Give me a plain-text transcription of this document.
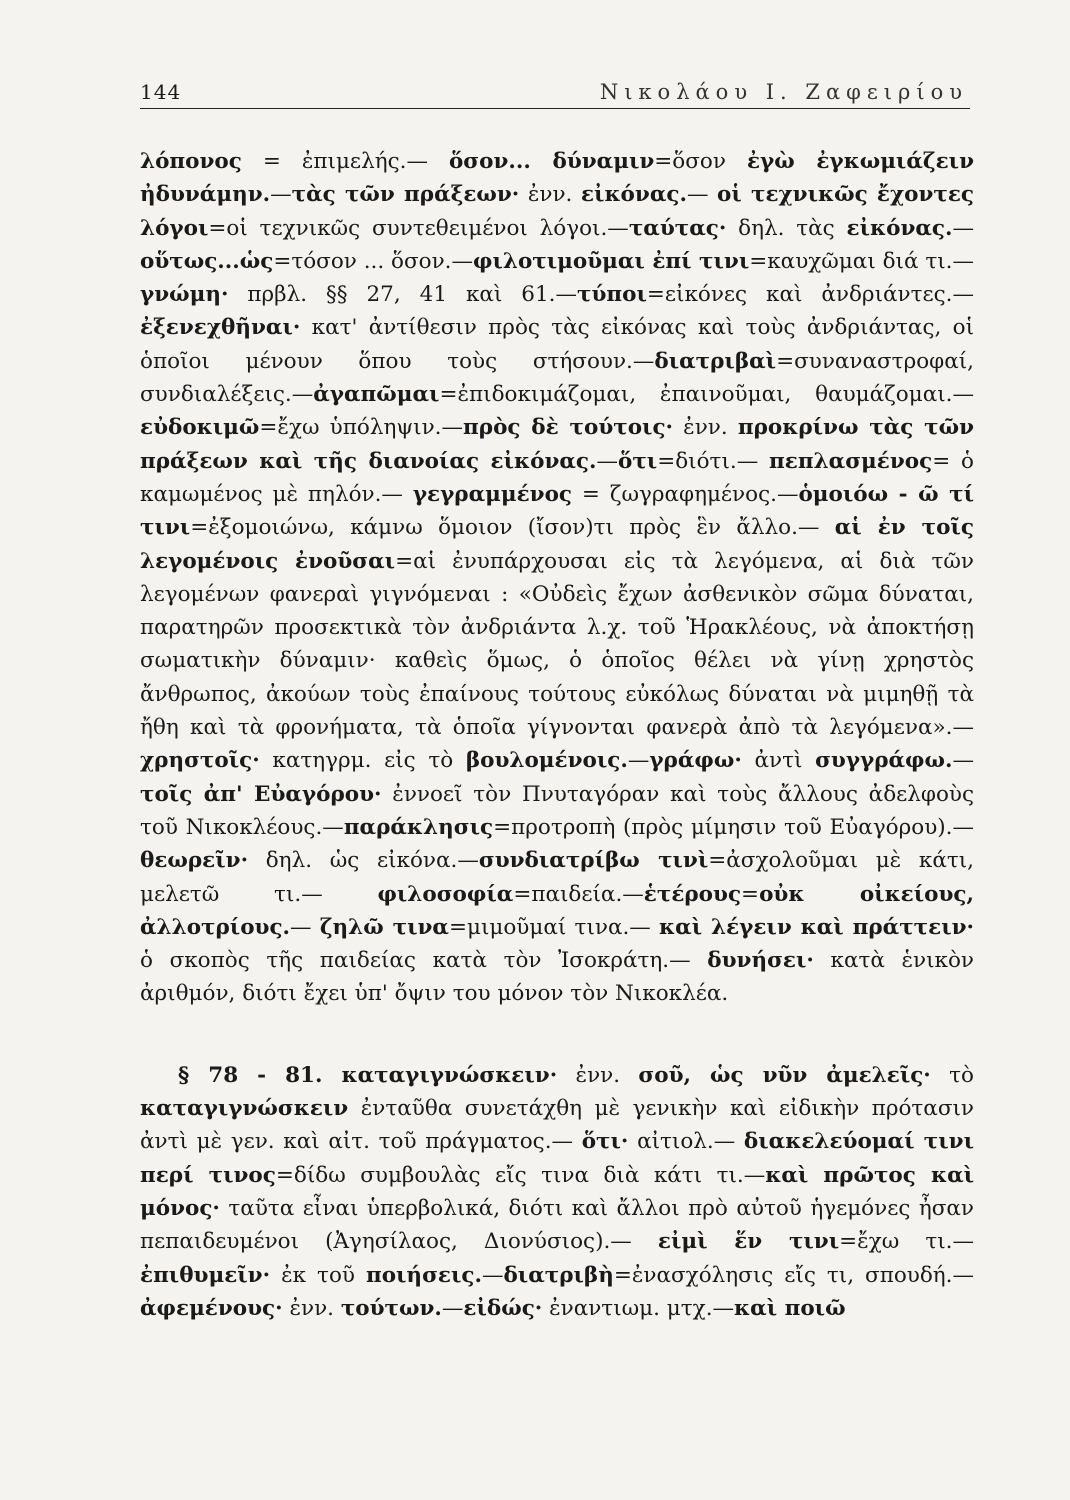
144	Νικολάου Ι. Ζαφειρίου

λόπονος = ἐπιμελής.— ὅσον... δύναμιν=ὅσον ἐγὼ ἐγκωμιάζειν ἠδυνάμην.—τὰς τῶν πράξεων· ἐνν. εἰκόνας.— οἱ τεχνικῶς ἔχοντες λόγοι=οἱ τεχνικῶς συντεθειμένοι λόγοι.—ταύτας· δηλ. τὰς εἰκόνας.—οὕτως...ὡς=τόσον ... ὅσον.—φιλοτιμοῦμαι ἐπί τινι=καυχῶμαι διά τι.—γνώμη· πρβλ. §§ 27, 41 καὶ 61.—τύποι=εἰκόνες καὶ ἀνδριάντες.— ἐξενεχθῆναι· κατ' ἀντίθεσιν πρὸς τὰς εἰκόνας καὶ τοὺς ἀνδριάντας, οἱ ὁποῖοι μένουν ὅπου τοὺς στήσουν.—διατριβαὶ=συναναστροφαί, συνδιαλέξεις.—ἀγαπῶμαι=ἐπιδοκιμάζομαι, ἐπαινοῦμαι, θαυμάζομαι.—εὐδοκιμῶ=ἔχω ὑπόληψιν.—πρὸς δὲ τούτοις· ἐνν. προκρίνω τὰς τῶν πράξεων καὶ τῆς διανοίας εἰκόνας.—ὅτι=διότι.— πεπλασμένος= ὁ καμωμένος μὲ πηλόν.— γεγραμμένος = ζωγραφημένος.—ὁμοιόω - ῶ τί τινι=ἐξομοιώνω, κάμνω ὅμοιον (ἴσον)τι πρὸς ἓν ἄλλο.— αἱ ἐν τοῖς λεγομένοις ἐνοῦσαι=αἱ ἐνυπάρχουσαι εἰς τὰ λεγόμενα, αἱ διὰ τῶν λεγομένων φανεραὶ γιγνόμεναι : «Οὐδεὶς ἔχων ἀσθενικὸν σῶμα δύναται, παρατηρῶν προσεκτικὰ τὸν ἀνδριάντα λ.χ. τοῦ Ἡρακλέους, νὰ ἀποκτήσῃ σωματικὴν δύναμιν· καθεὶς ὅμως, ὁ ὁποῖος θέλει νὰ γίνῃ χρηστὸς ἄνθρωπος, ἀκούων τοὺς ἐπαίνους τούτους εὐκόλως δύναται νὰ μιμηθῇ τὰ ἤθη καὶ τὰ φρονήματα, τὰ ὁποῖα γίγνονται φανερὰ ἀπὸ τὰ λεγόμενα».—χρηστοῖς· κατηγρμ. εἰς τὸ βουλομένοις.—γράφω· ἀντὶ συγγράφω.— τοῖς ἀπ' Εὐαγόρου· ἐννοεῖ τὸν Πνυταγόραν καὶ τοὺς ἄλλους ἀδελφοὺς τοῦ Νικοκλέους.—παράκλησις=προτροπὴ (πρὸς μίμησιν τοῦ Εὐαγόρου).—θεωρεῖν· δηλ. ὡς εἰκόνα.—συνδιατρίβω τινὶ=ἀσχολοῦμαι μὲ κάτι, μελετῶ τι.— φιλοσοφία=παιδεία.—ἑτέρους=οὐκ οἰκείους, ἀλλοτρίους.— ζηλῶ τινα=μιμοῦμαί τινα.— καὶ λέγειν καὶ πράττειν· ὁ σκοπὸς τῆς παιδείας κατὰ τὸν Ἰσοκράτη.— δυνήσει· κατὰ ἑνικὸν ἀριθμόν, διότι ἔχει ὑπ' ὄψιν του μόνον τὸν Νικοκλέα.

§ 78 - 81. καταγιγνώσκειν· ἐνν. σοῦ, ὡς νῦν ἀμελεῖς· τὸ καταγιγνώσκειν ἐνταῦθα συνετάχθη μὲ γενικὴν καὶ εἰδικὴν πρότασιν ἀντὶ μὲ γεν. καὶ αἰτ. τοῦ πράγματος.— ὅτι· αἰτιολ.— διακελεύομαί τινι περί τινος=δίδω συμβουλὰς εἴς τινα διὰ κάτι τι.—καὶ πρῶτος καὶ μόνος· ταῦτα εἶναι ὑπερβολικά, διότι καὶ ἄλλοι πρὸ αὐτοῦ ἡγεμόνες ἦσαν πεπαιδευμένοι (Ἀγησίλαος, Διονύσιος).— εἰμὶ ἕν τινι=ἔχω τι.— ἐπιθυμεῖν· ἐκ τοῦ ποιήσεις.—διατριβὴ=ἐνασχόλησις εἴς τι, σπουδή.—ἀφεμένους· ἐνν. τούτων.—εἰδώς· ἐναντιωμ. μτχ.—καὶ ποιῶ
